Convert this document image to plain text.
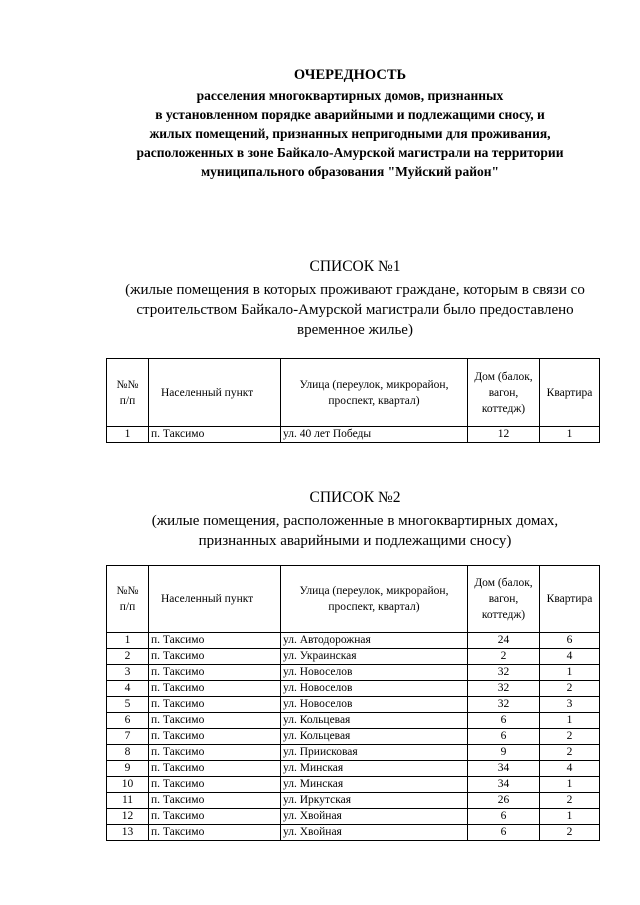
ОЧЕРЕДНОСТЬ
расселения многоквартирных домов, признанных
в установленном порядке аварийными и подлежащими сносу, и
жилых помещений, признанных непригодными для проживания,
расположенных в зоне Байкало-Амурской магистрали на территории
муниципального образования "Муйский район"
СПИСОК №1
(жилые помещения в которых проживают граждане, которым в связи со
строительством Байкало-Амурской магистрали было предоставлено
временное жилье)
№№
п/п	Населенный пункт	Улица (переулок, микрорайон, проспект, квартал)	Дом (балок, вагон, коттедж)	Квартира
1	п. Таксимо	ул. 40 лет Победы	12	1
СПИСОК №2
(жилые помещения, расположенные в многоквартирных домах,
признанных аварийными и подлежащими сносу)
№№
п/п	Населенный пункт	Улица (переулок, микрорайон, проспект, квартал)	Дом (балок, вагон, коттедж)	Квартира
1	п. Таксимо	ул. Автодорожная	24	6
2	п. Таксимо	ул. Украинская	2	4
3	п. Таксимо	ул. Новоселов	32	1
4	п. Таксимо	ул. Новоселов	32	2
5	п. Таксимо	ул. Новоселов	32	3
6	п. Таксимо	ул. Кольцевая	6	1
7	п. Таксимо	ул. Кольцевая	6	2
8	п. Таксимо	ул. Приисковая	9	2
9	п. Таксимо	ул. Минская	34	4
10	п. Таксимо	ул. Минская	34	1
11	п. Таксимо	ул. Иркутская	26	2
12	п. Таксимо	ул. Хвойная	6	1
13	п. Таксимо	ул. Хвойная	6	2
